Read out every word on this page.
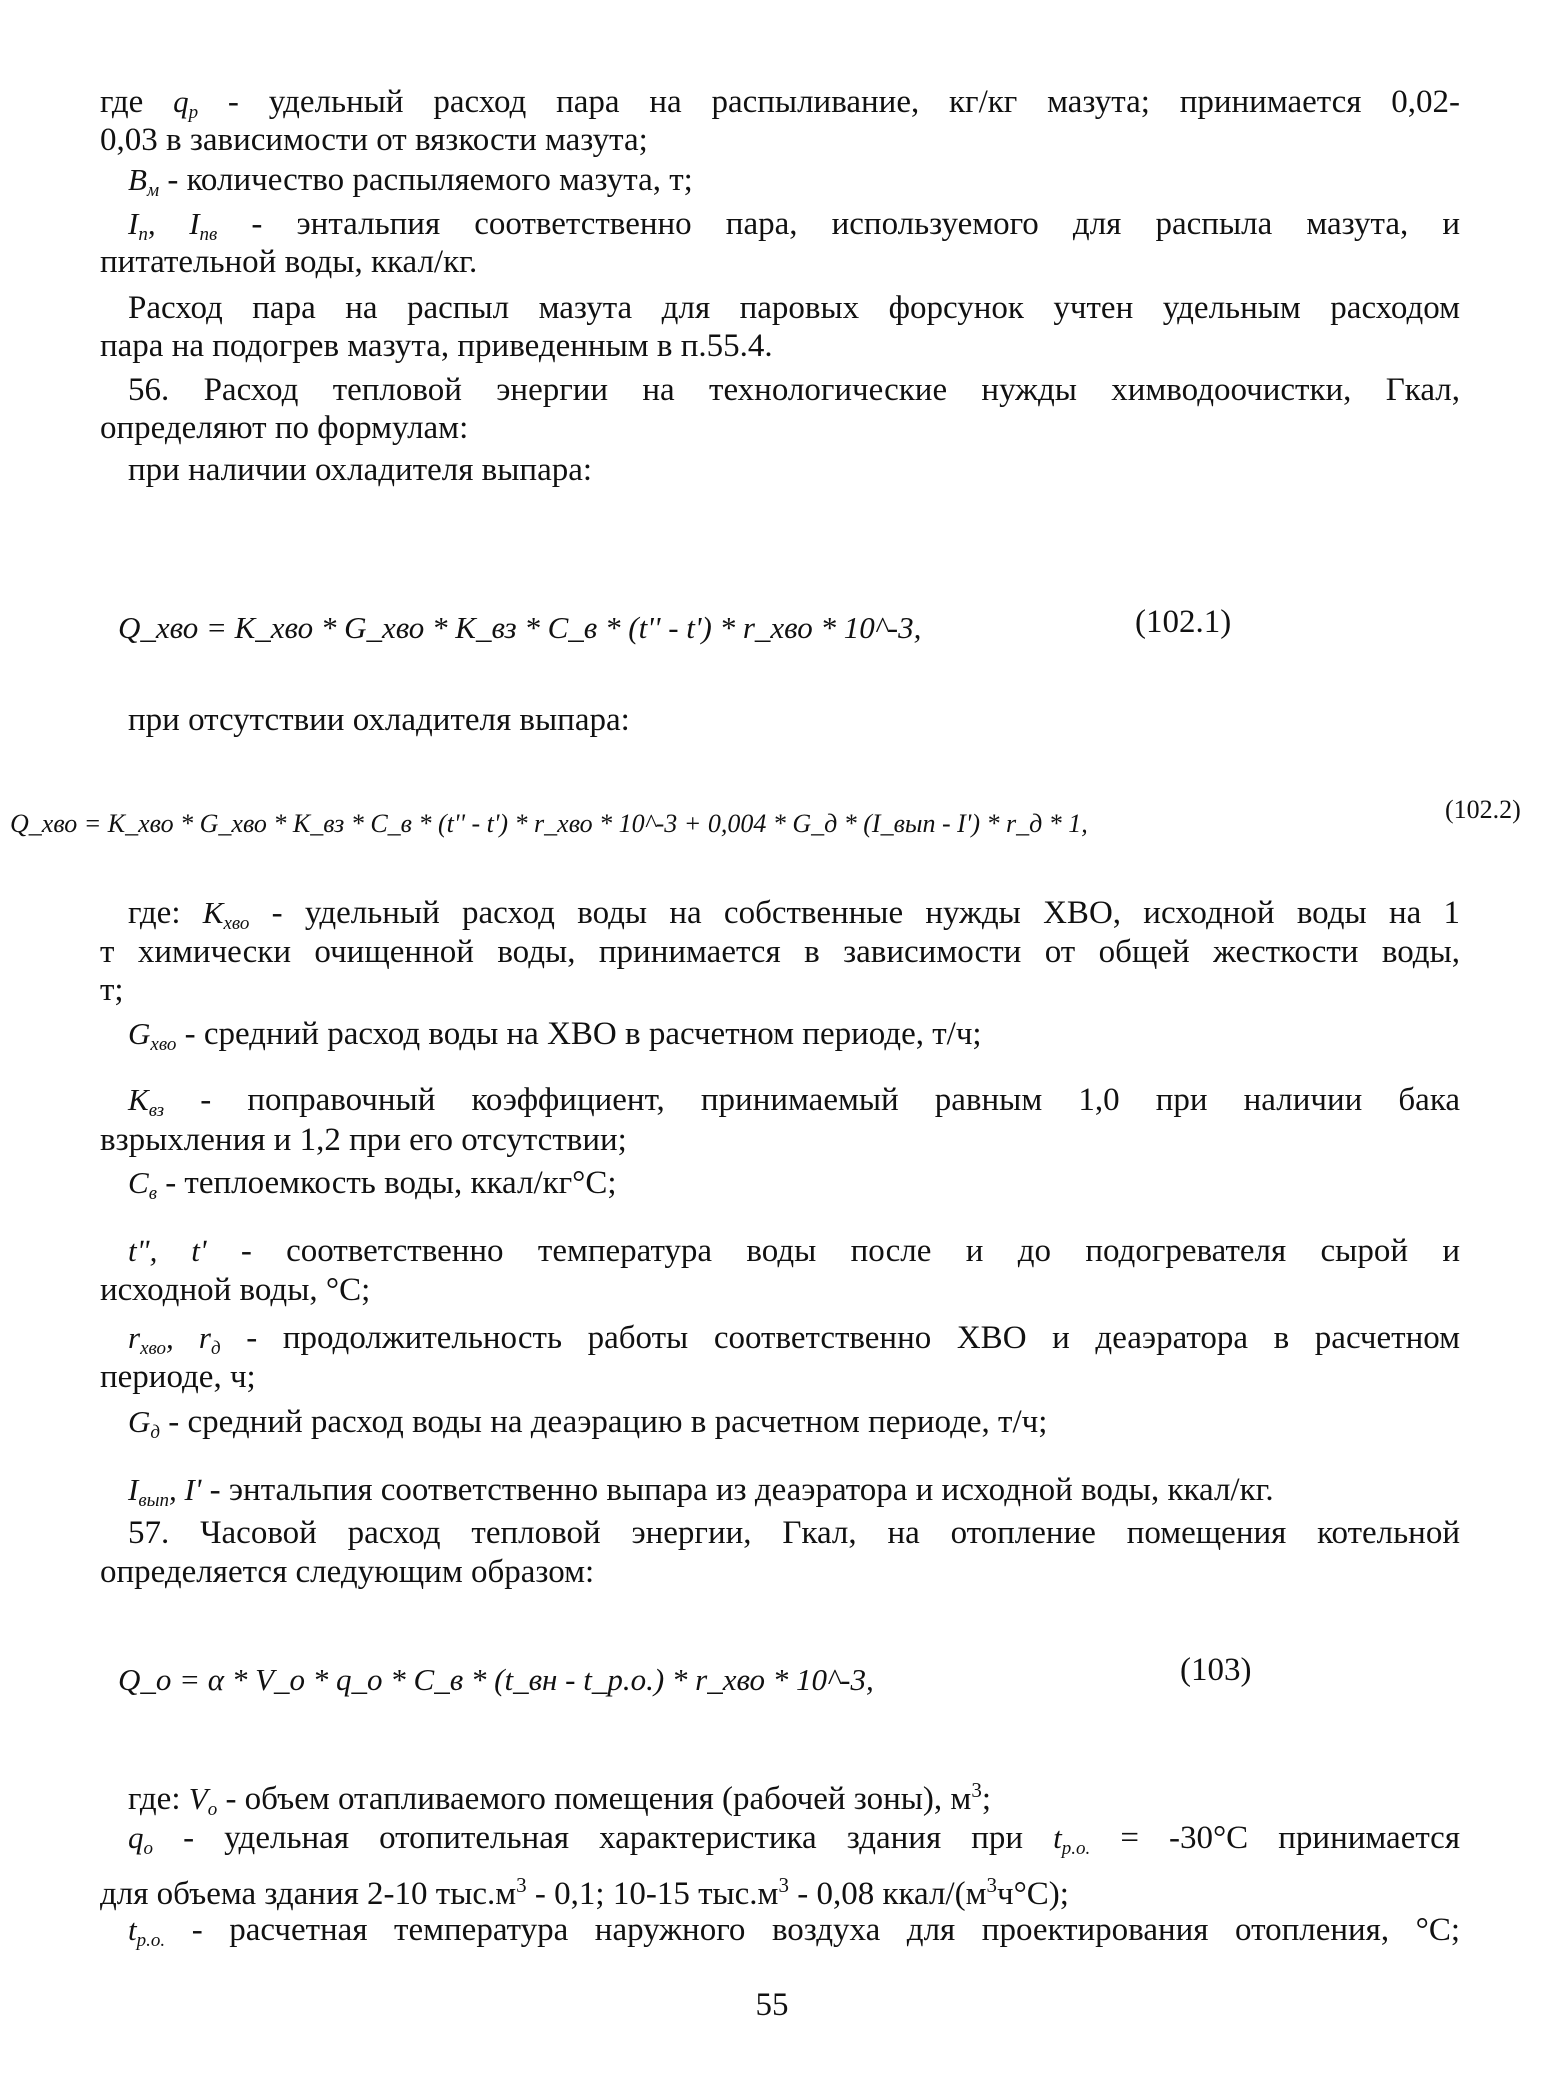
где $q_p$ - удельный расход пара на распыливание, кг/кг мазута; принимается 0,02-
0,03 в зависимости от вязкости мазута;
$B_м$ - количество распыляемого мазута, т;
$I_п$, $I_{пв}$ - энтальпия соответственно пара, используемого для распыла мазута, и
питательной воды, ккал/кг.
Расход пара на распыл мазута для паровых форсунок учтен удельным расходом
пара на подогрев мазута, приведенным в п.55.4.
56. Расход тепловой энергии на технологические нужды химводоочистки, Гкал,
определяют по формулам:
при наличии охладителя выпара:
Q_хво = K_хво * G_хво * K_вз * C_в * (t'' - t') * r_хво * 10^-3,	(102.1)
при отсутствии охладителя выпара:
Q_хво = K_хво * G_хво * K_вз * C_в * (t'' - t') * r_хво * 10^-3 + 0,004 * G_д * (I_вып - I') * r_д * 1,	(102.2)
где: $K_{хво}$ - удельный расход воды на собственные нужды ХВО, исходной воды на 1
т химически очищенной воды, принимается в зависимости от общей жесткости воды,
т;
$G_{хво}$ - средний расход воды на ХВО в расчетном периоде, т/ч;
$K_{вз}$ - поправочный коэффициент, принимаемый равным 1,0 при наличии бака
взрыхления и 1,2 при его отсутствии;
$C_в$ - теплоемкость воды, ккал/кг°С;
tʺ, tʹ - соответственно температура воды после и до подогревателя сырой и
исходной воды, °С;
$r_{хво}$, $r_д$ - продолжительность работы соответственно ХВО и деаэратора в расчетном
периоде, ч;
$G_д$ - средний расход воды на деаэрацию в расчетном периоде, т/ч;
$I_{вып}$, Iʹ - энтальпия соответственно выпара из деаэратора и исходной воды, ккал/кг.
57. Часовой расход тепловой энергии, Гкал, на отопление помещения котельной
определяется следующим образом:
Q_о = α * V_о * q_о * C_в * (t_вн - t_р.о.) * r_хво * 10^-3,	(103)
где: $V_о$ - объем отапливаемого помещения (рабочей зоны), $м^3$;
$q_о$ - удельная отопительная характеристика здания при $t_{р.о.} = -30^\circ С$ принимается
для объема здания 2-10 $тыс.м^3 - 0,1$; 10-15 $тыс.м^3 - 0,08$ ккал/$(м^3ч^\circ С)$;
$t_{р.о.}$ - расчетная температура наружного воздуха для проектирования отопления, °С;
55
